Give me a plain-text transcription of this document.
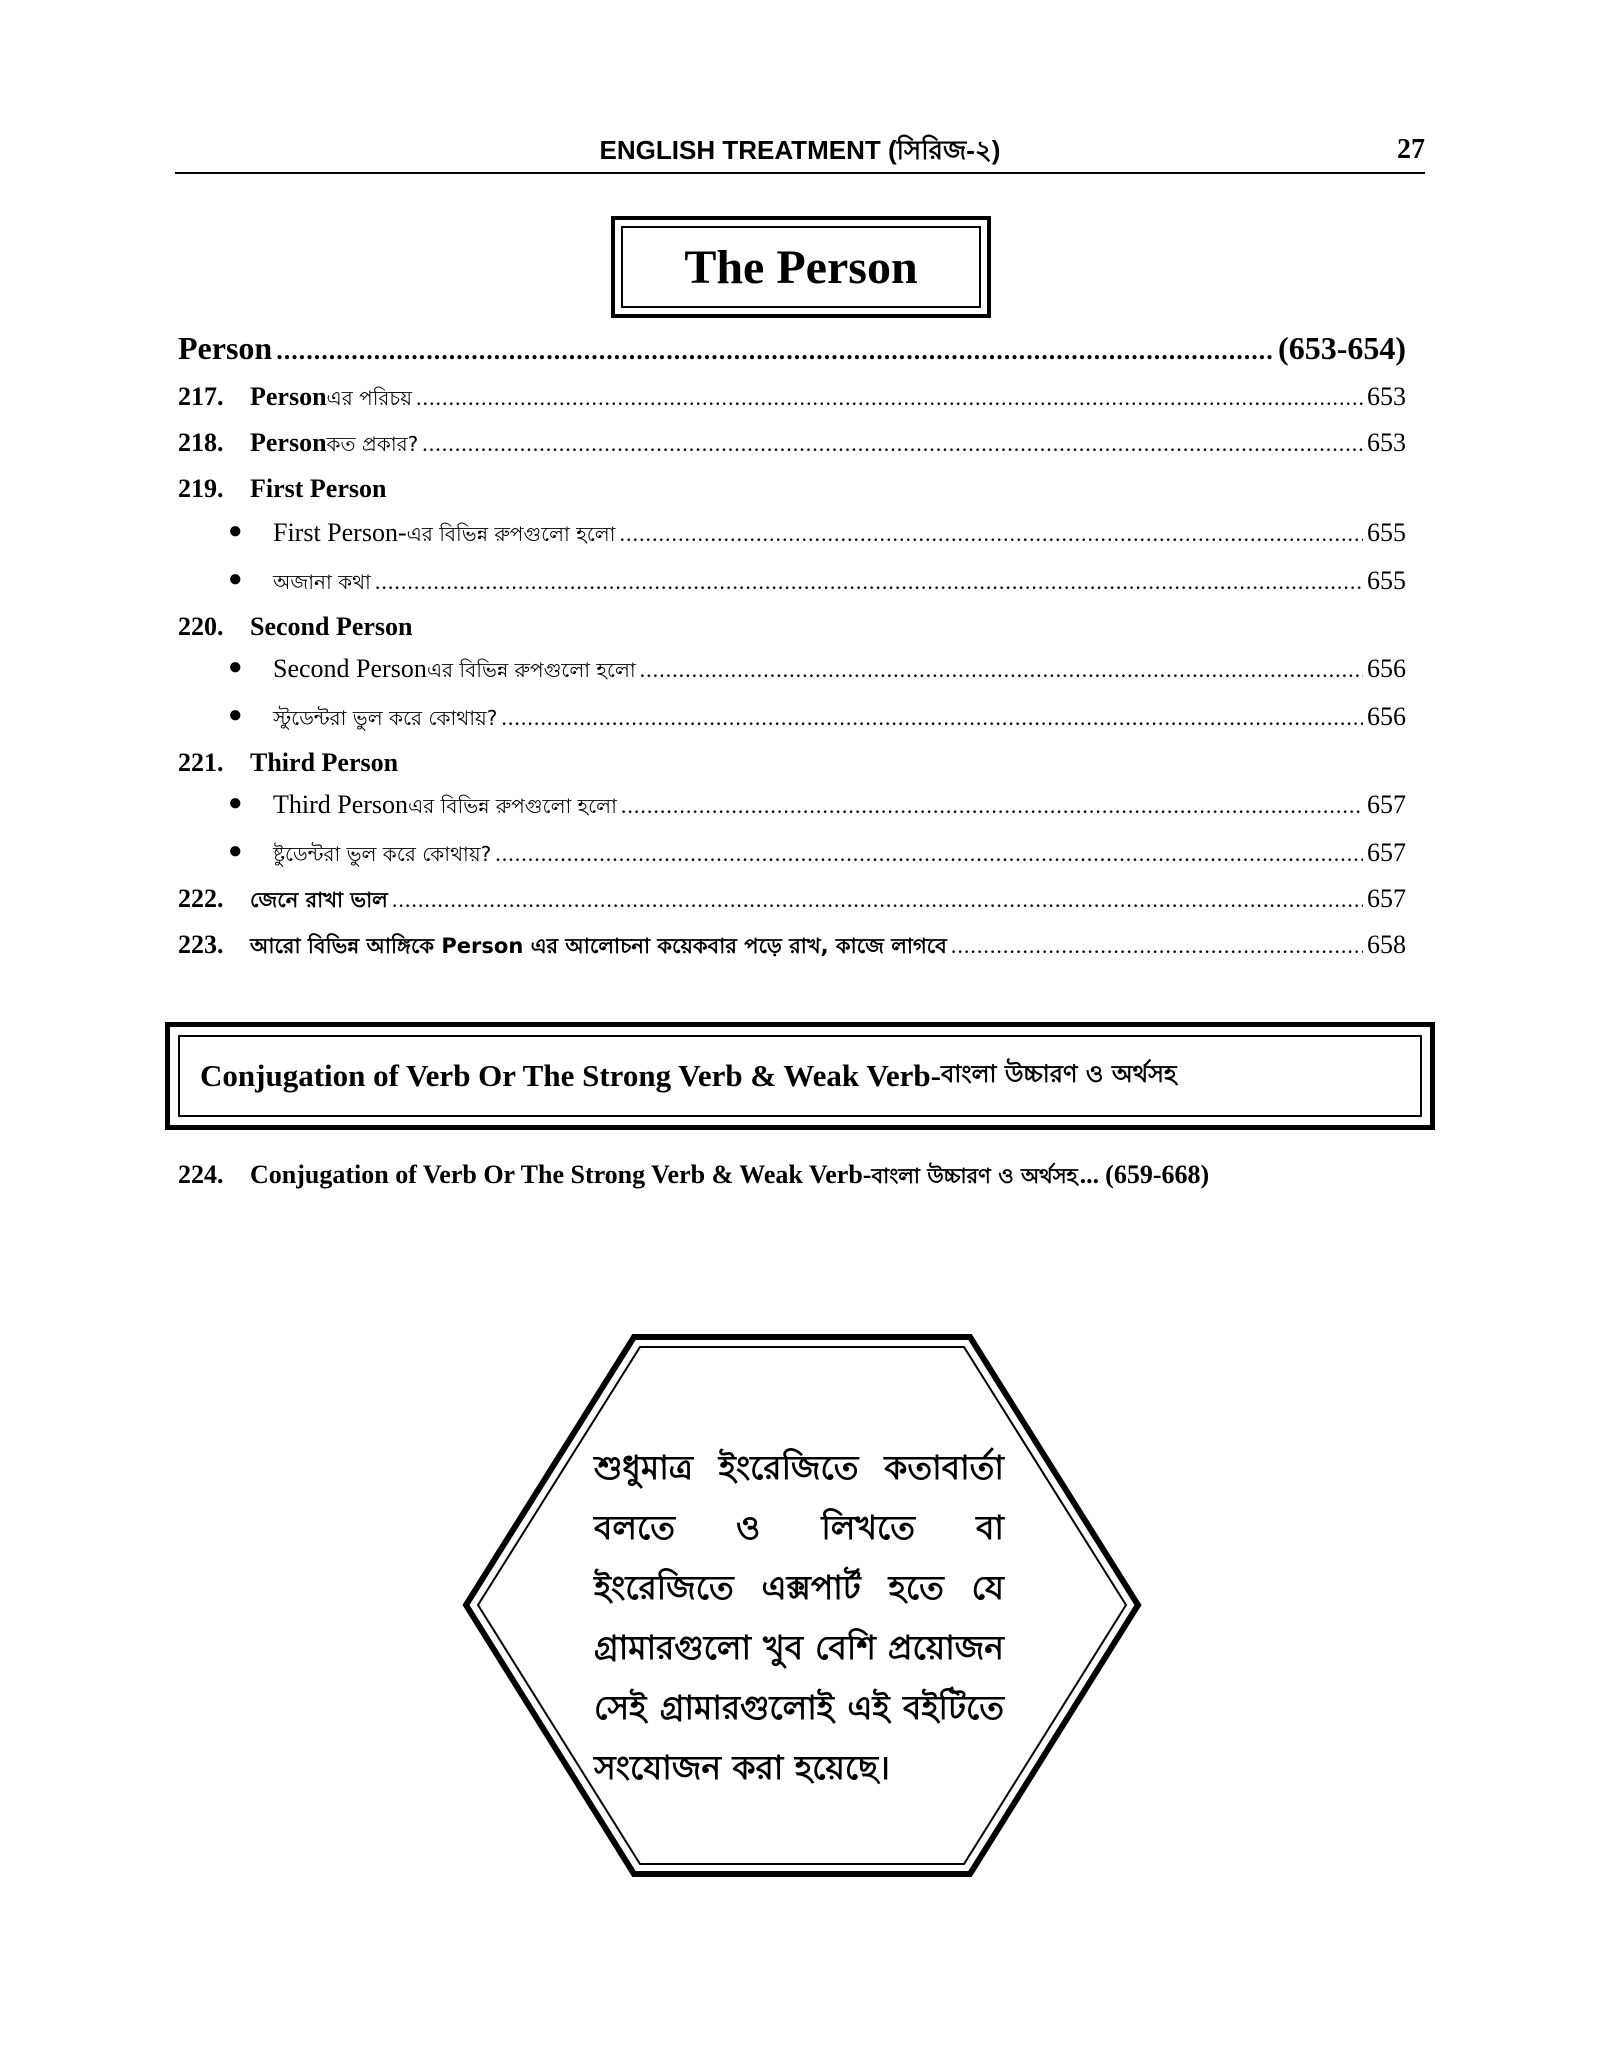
ENGLISH TREATMENT (সিরিজ-২)	27
The Person
Person .....	(653-654)
217.	Person এর পরিচয় .....	653
218.	Person কত প্রকার? .....	653
219.	First Person
● First Person- এর বিভিন্ন রুপগুলো হলো .....	655
● অজানা কথা .....	655
220.	Second Person
● Second Person এর বিভিন্ন রুপগুলো হলো .....	656
● স্টুডেন্টরা ভুল করে কোথায়? .....	656
221.	Third Person
● Third Person এর বিভিন্ন রুপগুলো হলো .....	657
● ষ্টুডেন্টরা ভুল করে কোথায়? .....	657
222.	জেনে রাখা ভাল .....	657
223.	আরো বিভিন্ন আঙ্গিকে Person এর আলোচনা কয়েকবার পড়ে রাখ, কাজে লাগবে .....	658
Conjugation of Verb Or The Strong Verb & Weak Verb- বাংলা উচ্চারণ ও অর্থসহ
224.	Conjugation of Verb Or The Strong Verb & Weak Verb- বাংলা উচ্চারণ ও অর্থসহ ... (659-668)
শুধুমাত্র ইংরেজিতে কতাবার্তা বলতে ও লিখতে বা ইংরেজিতে এক্সপার্ট হতে যে গ্রামারগুলো খুব বেশি প্রয়োজন সেই গ্রামারগুলোই এই বইটিতে সংযোজন করা হয়েছে।
